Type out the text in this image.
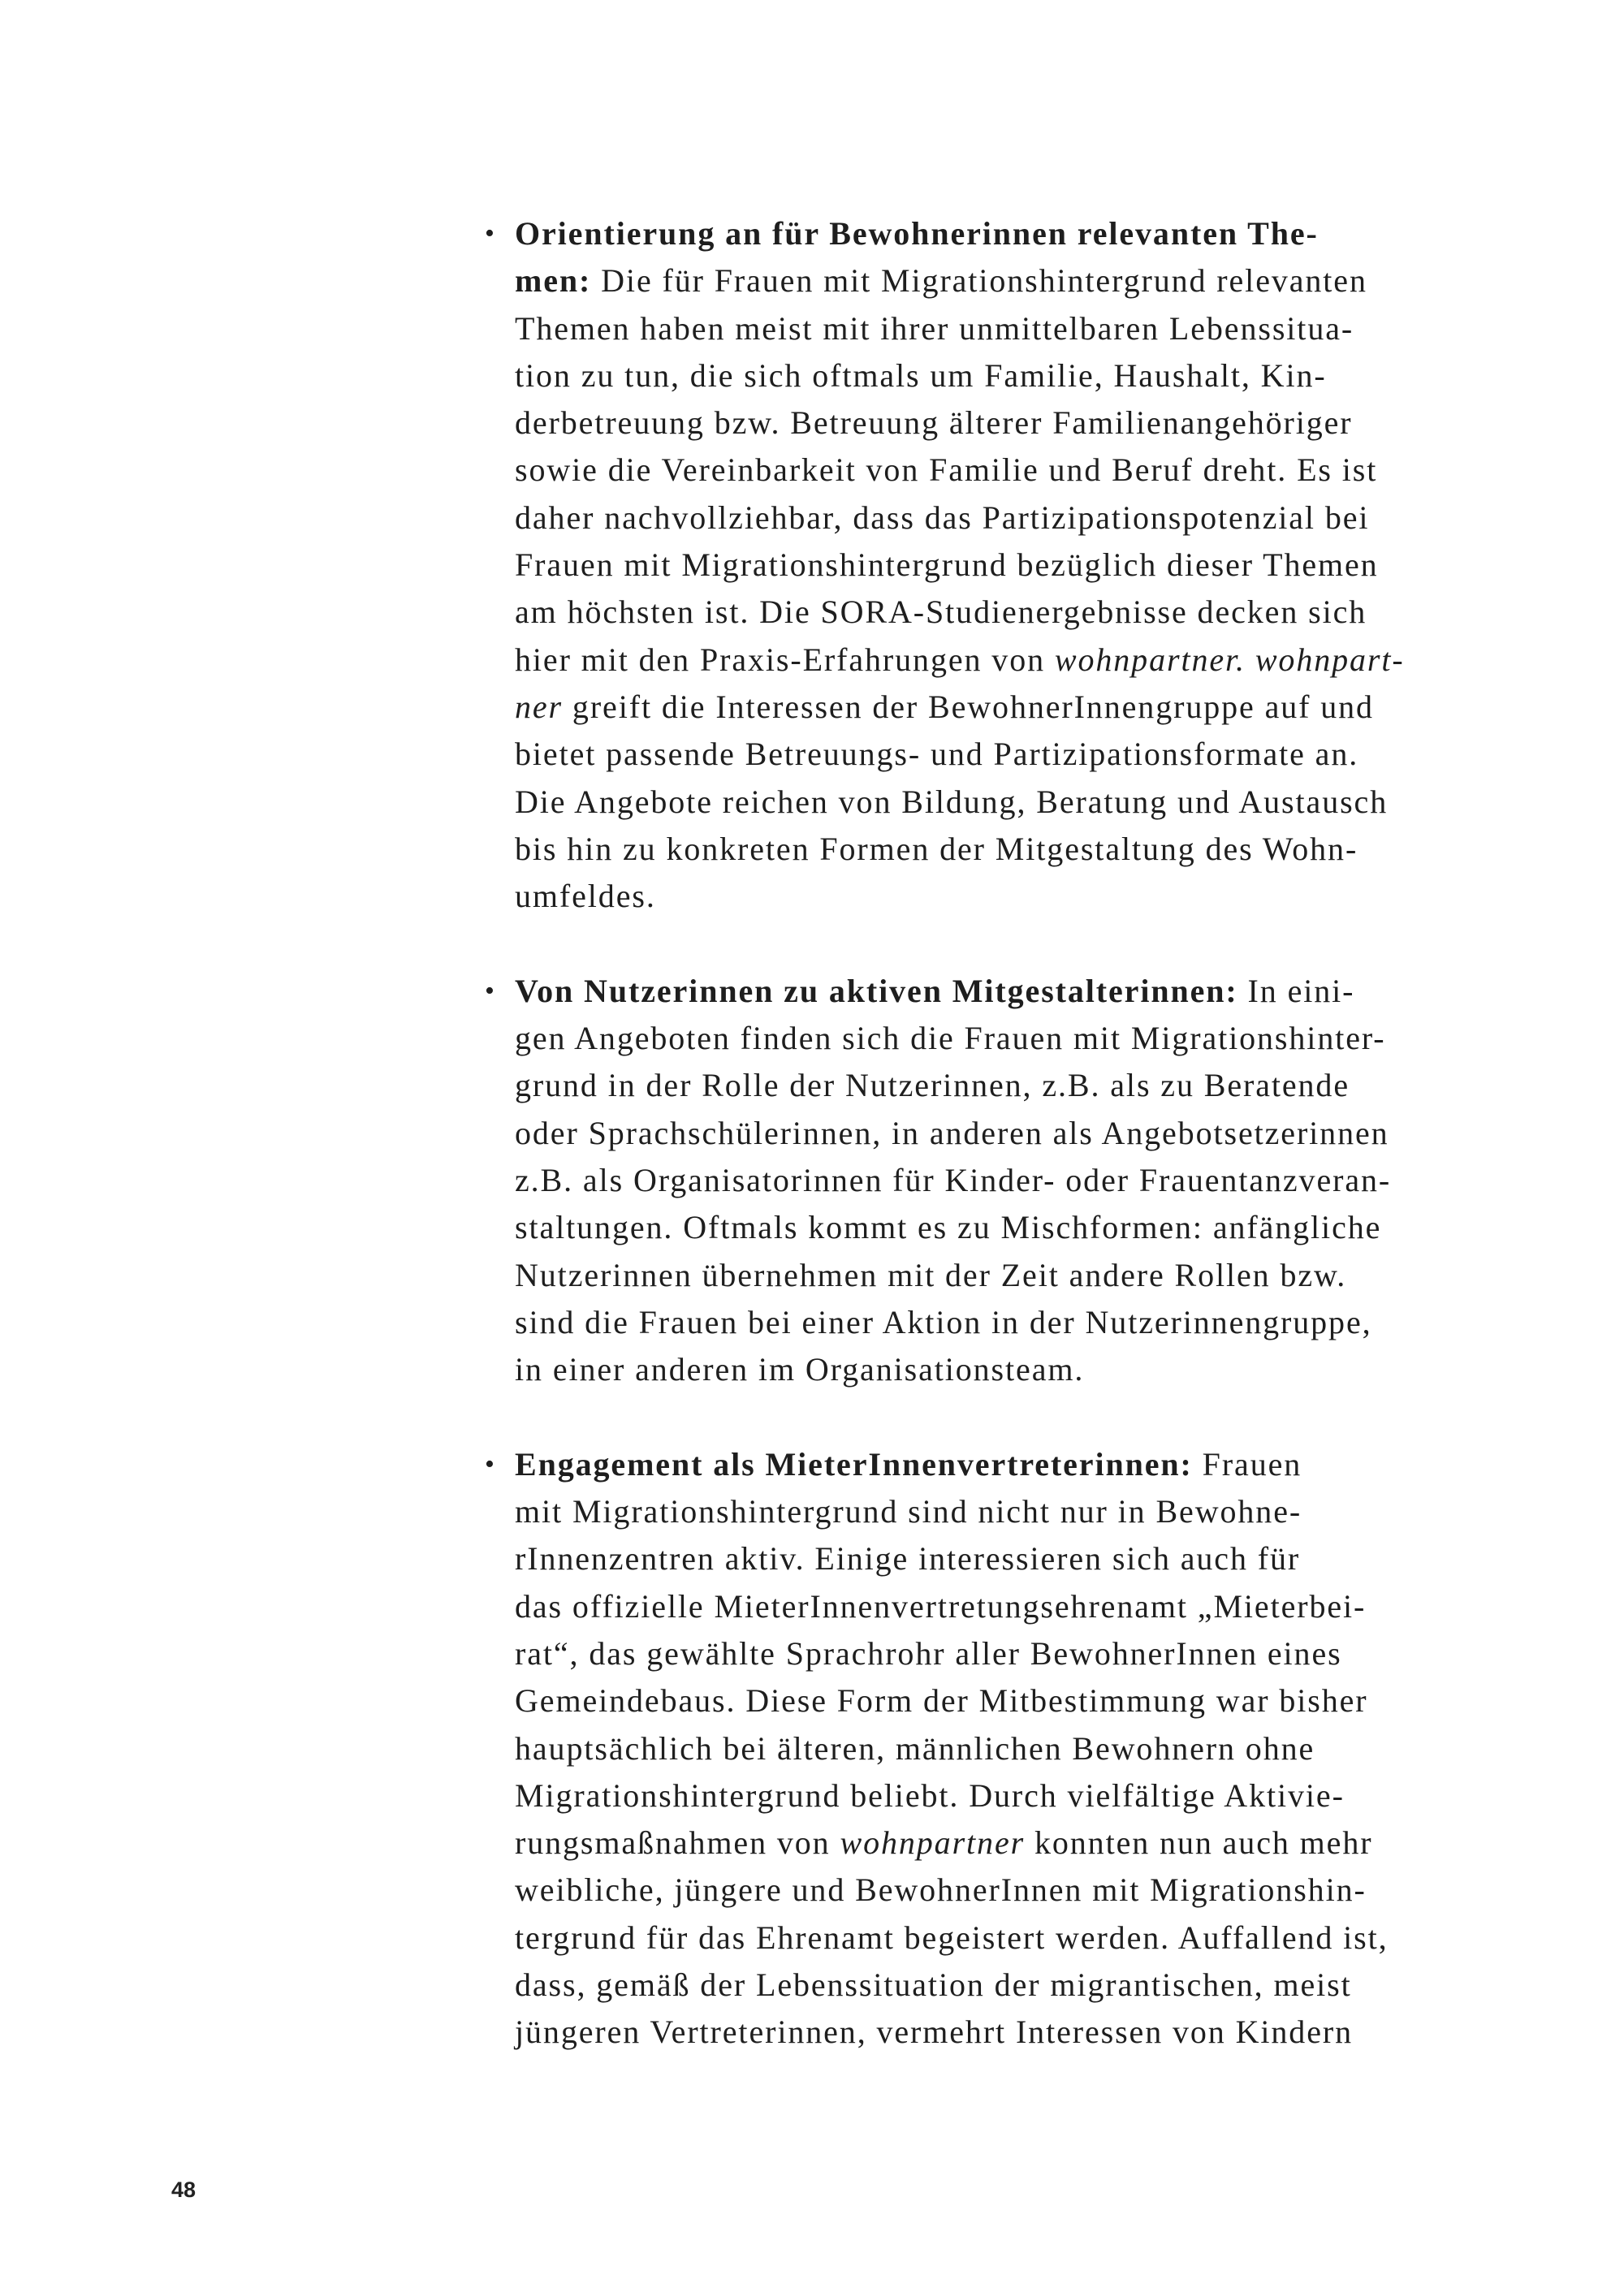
• Orientierung an für Bewohnerinnen relevanten The-
men: Die für Frauen mit Migrationshintergrund relevanten
Themen haben meist mit ihrer unmittelbaren Lebenssitua-
tion zu tun, die sich oftmals um Familie, Haushalt, Kin-
derbetreuung bzw. Betreuung älterer Familienangehöriger
sowie die Vereinbarkeit von Familie und Beruf dreht. Es ist
daher nachvollziehbar, dass das Partizipationspotenzial bei
Frauen mit Migrationshintergrund bezüglich dieser Themen
am höchsten ist. Die SORA-Studienergebnisse decken sich
hier mit den Praxis-Erfahrungen von wohnpartner. wohnpart-
ner greift die Interessen der BewohnerInnengruppe auf und
bietet passende Betreuungs- und Partizipationsformate an.
Die Angebote reichen von Bildung, Beratung und Austausch
bis hin zu konkreten Formen der Mitgestaltung des Wohn-
umfeldes.
• Von Nutzerinnen zu aktiven Mitgestalterinnen: In eini-
gen Angeboten finden sich die Frauen mit Migrationshinter-
grund in der Rolle der Nutzerinnen, z.B. als zu Beratende
oder Sprachschülerinnen, in anderen als Angebotsetzerinnen
z.B. als Organisatorinnen für Kinder- oder Frauentanzveran-
staltungen. Oftmals kommt es zu Mischformen: anfängliche
Nutzerinnen übernehmen mit der Zeit andere Rollen bzw.
sind die Frauen bei einer Aktion in der Nutzerinnengruppe,
in einer anderen im Organisationsteam.
• Engagement als MieterInnenvertreterinnen: Frauen
mit Migrationshintergrund sind nicht nur in Bewohne-
rInnenzentren aktiv. Einige interessieren sich auch für
das offizielle MieterInnenvertretungsehrenamt „Mieterbei-
rat“, das gewählte Sprachrohr aller BewohnerInnen eines
Gemeindebaus. Diese Form der Mitbestimmung war bisher
hauptsächlich bei älteren, männlichen Bewohnern ohne
Migrationshintergrund beliebt. Durch vielfältige Aktivie-
rungsmaßnahmen von wohnpartner konnten nun auch mehr
weibliche, jüngere und BewohnerInnen mit Migrationshin-
tergrund für das Ehrenamt begeistert werden. Auffallend ist,
dass, gemäß der Lebenssituation der migrantischen, meist
jüngeren Vertreterinnen, vermehrt Interessen von Kindern
48
